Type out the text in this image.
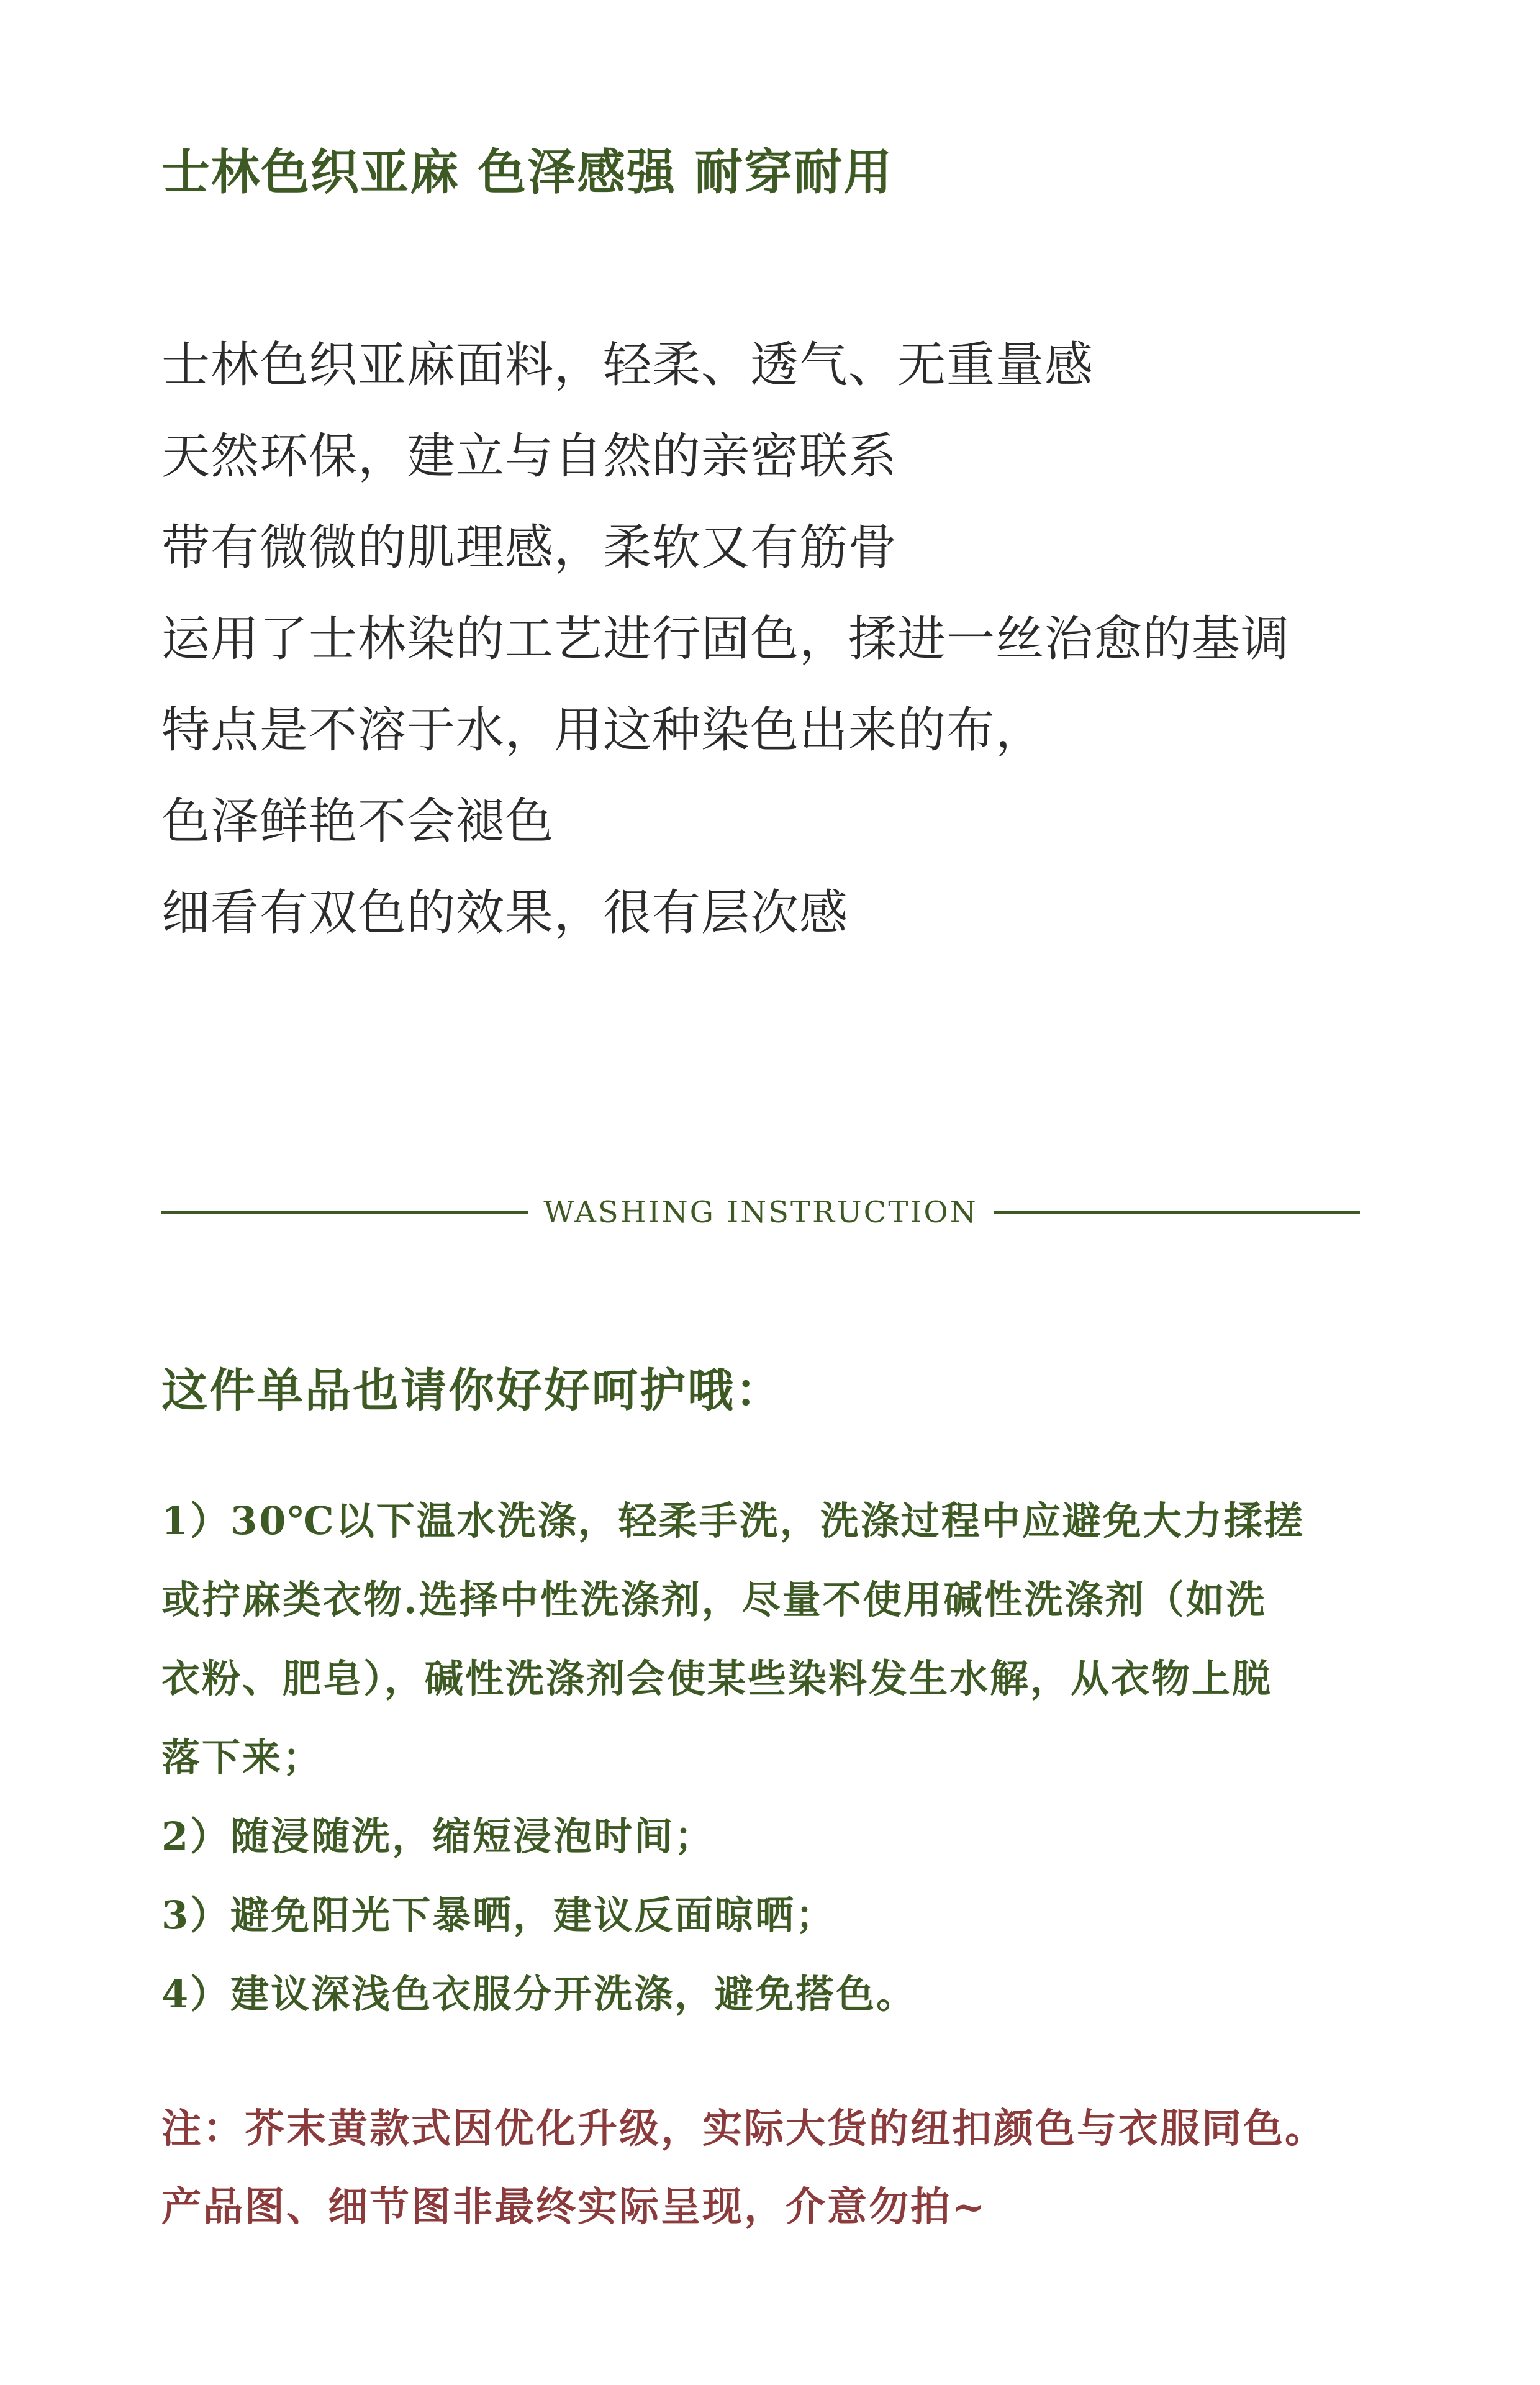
士林色织亚麻 色泽感强 耐穿耐用
士林色织亚麻面料，轻柔、透气、无重量感
天然环保，建立与自然的亲密联系
带有微微的肌理感，柔软又有筋骨
运用了士林染的工艺进行固色，揉进一丝治愈的基调
特点是不溶于水，用这种染色出来的布，
色泽鲜艳不会褪色
细看有双色的效果，很有层次感
WASHING INSTRUCTION
这件单品也请你好好呵护哦：
1）30℃以下温水洗涤，轻柔手洗，洗涤过程中应避免大力揉搓
或拧麻类衣物.选择中性洗涤剂，尽量不使用碱性洗涤剂（如洗
衣粉、肥皂），碱性洗涤剂会使某些染料发生水解，从衣物上脱
落下来；
2）随浸随洗，缩短浸泡时间；
3）避免阳光下暴晒，建议反面晾晒；
4）建议深浅色衣服分开洗涤，避免搭色。
注：芥末黄款式因优化升级，实际大货的纽扣颜色与衣服同色。
产品图、细节图非最终实际呈现，介意勿拍~
